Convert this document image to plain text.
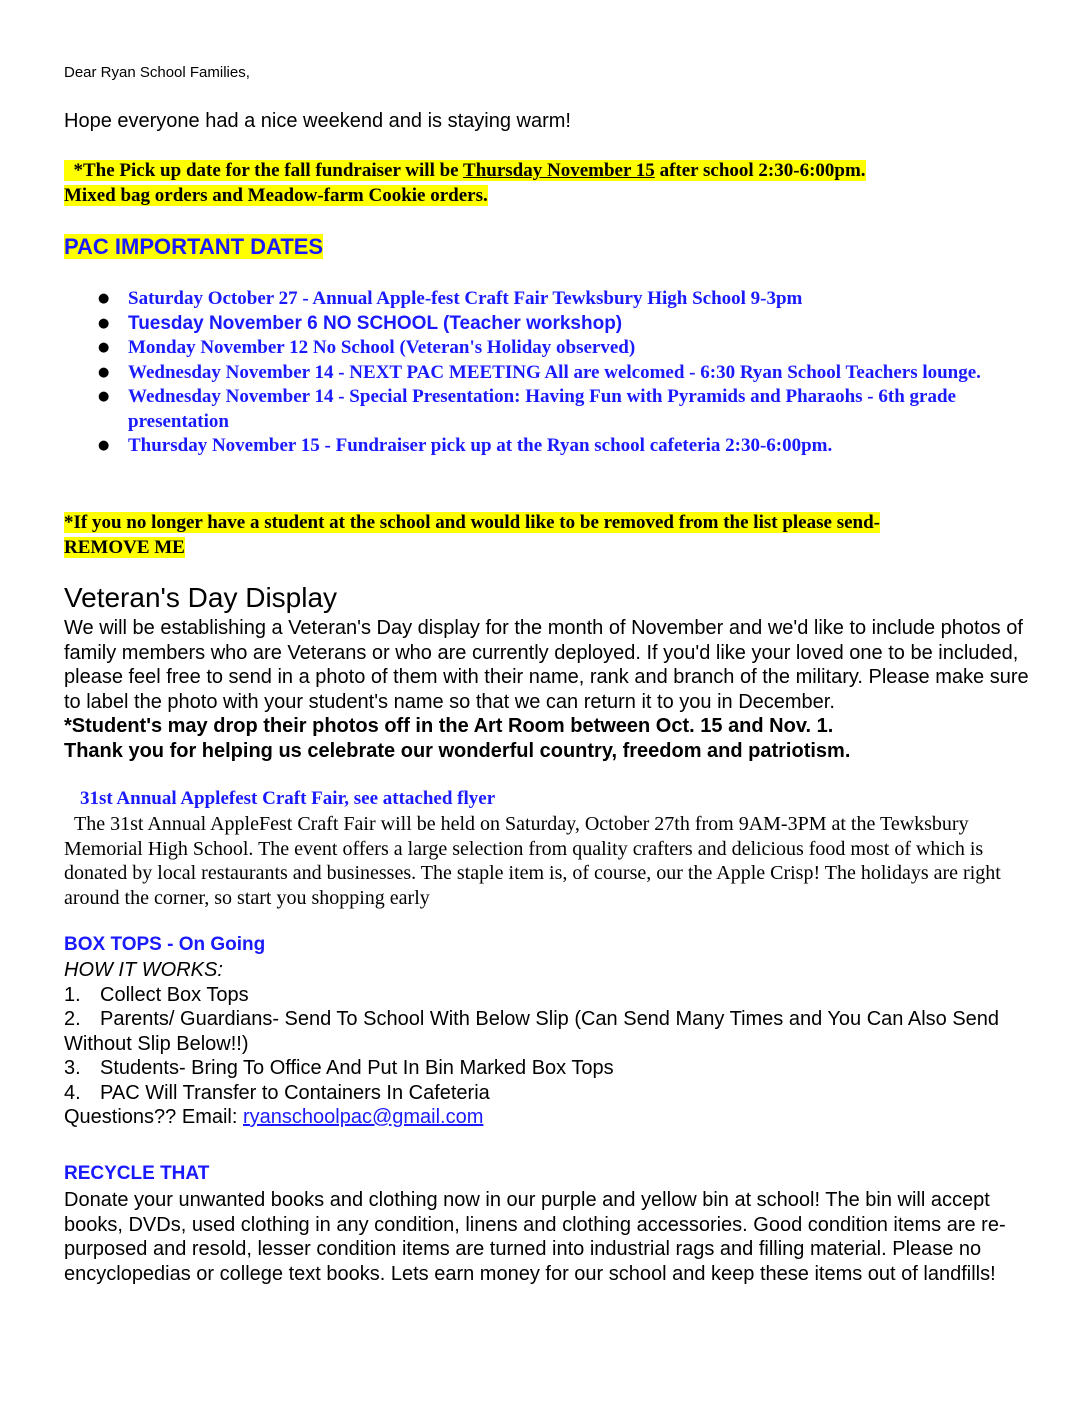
Dear Ryan School Families,

Hope everyone had a nice weekend and is staying warm!

*The Pick up date for the fall fundraiser will be Thursday November 15 after school 2:30-6:00pm.
Mixed bag orders and Meadow-farm Cookie orders.
PAC IMPORTANT DATES
● Saturday October 27 - Annual Apple-fest Craft Fair Tewksbury High School 9-3pm
● Tuesday November 6 NO SCHOOL (Teacher workshop)
● Monday November 12 No School (Veteran's Holiday observed)
● Wednesday November 14 - NEXT PAC MEETING All are welcomed - 6:30 Ryan School Teachers lounge.
● Wednesday November 14 - Special Presentation: Having Fun with Pyramids and Pharaohs - 6th grade presentation
● Thursday November 15 - Fundraiser pick up at the Ryan school cafeteria 2:30-6:00pm.
*If you no longer have a student at the school and would like to be removed from the list please send-
REMOVE ME
Veteran's Day Display

We will be establishing a Veteran's Day display for the month of November and we'd like to include photos of family members who are Veterans or who are currently deployed. If you'd like your loved one to be included, please feel free to send in a photo of them with their name, rank and branch of the military. Please make sure to label the photo with your student's name so that we can return it to you in December.

*Student's may drop their photos off in the Art Room between Oct. 15 and Nov. 1.

Thank you for helping us celebrate our wonderful country, freedom and patriotism.

31st Annual Applefest Craft Fair, see attached flyer

The 31st Annual AppleFest Craft Fair will be held on Saturday, October 27th from 9AM-3PM at the Tewksbury Memorial High School. The event offers a large selection from quality crafters and delicious food most of which is donated by local restaurants and businesses. The staple item is, of course, our the Apple Crisp! The holidays are right around the corner, so start you shopping early

BOX TOPS - On Going

HOW IT WORKS:

1. Collect Box Tops

2. Parents/ Guardians- Send To School With Below Slip (Can Send Many Times and You Can Also Send Without Slip Below!!)

3. Students- Bring To Office And Put In Bin Marked Box Tops

4. PAC Will Transfer to Containers In Cafeteria

Questions?? Email: ryanschoolpac@gmail.com

RECYCLE THAT

Donate your unwanted books and clothing now in our purple and yellow bin at school! The bin will accept books, DVDs, used clothing in any condition, linens and clothing accessories. Good condition items are re-purposed and resold, lesser condition items are turned into industrial rags and filling material. Please no encyclopedias or college text books. Lets earn money for our school and keep these items out of landfills!
